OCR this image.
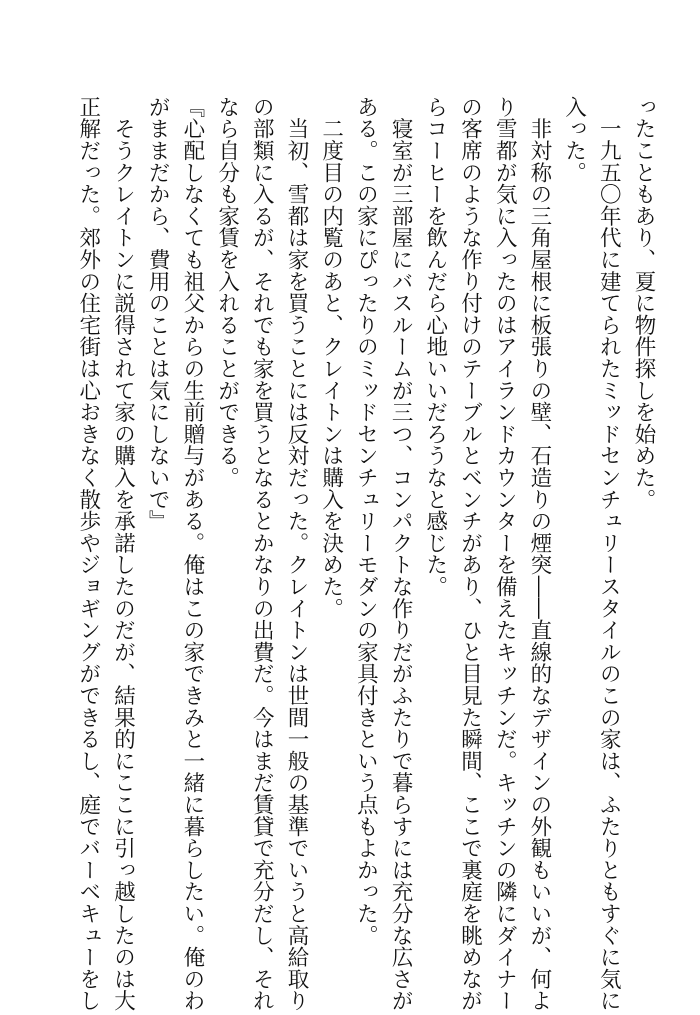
ったこともあり、夏に物件探しを始めた。
　一九五〇年代に建てられたミッドセンチュリースタイルのこの家は、ふたりともすぐに気に
入った。
　非対称の三角屋根に板張りの壁、石造りの煙突――直線的なデザインの外観もいいが、何よ
り雪都が気に入ったのはアイランドカウンターを備えたキッチンだ。キッチンの隣にダイナー
の客席のような作り付けのテーブルとベンチがあり、ひと目見た瞬間、ここで裏庭を眺めなが
らコーヒーを飲んだら心地いいだろうなと感じた。
　寝室が三部屋にバスルームが三つ、コンパクトな作りだがふたりで暮らすには充分な広さが
ある。この家にぴったりのミッドセンチュリーモダンの家具付きという点もよかった。
　二度目の内覧のあと、クレイトンは購入を決めた。
　当初、雪都は家を買うことには反対だった。クレイトンは世間一般の基準でいうと高給取り
の部類に入るが、それでも家を買うとなるとかなりの出費だ。今はまだ賃貸で充分だし、それ
なら自分も家賃を入れることができる。
『心配しなくても祖父からの生前贈与がある。俺はこの家できみと一緒に暮らしたい。俺のわ
がままだから、費用のことは気にしないで』
　そうクレイトンに説得されて家の購入を承諾したのだが、結果的にここに引っ越したのは大
正解だった。郊外の住宅街は心おきなく散歩やジョギングができるし、庭でバーベキューをし
